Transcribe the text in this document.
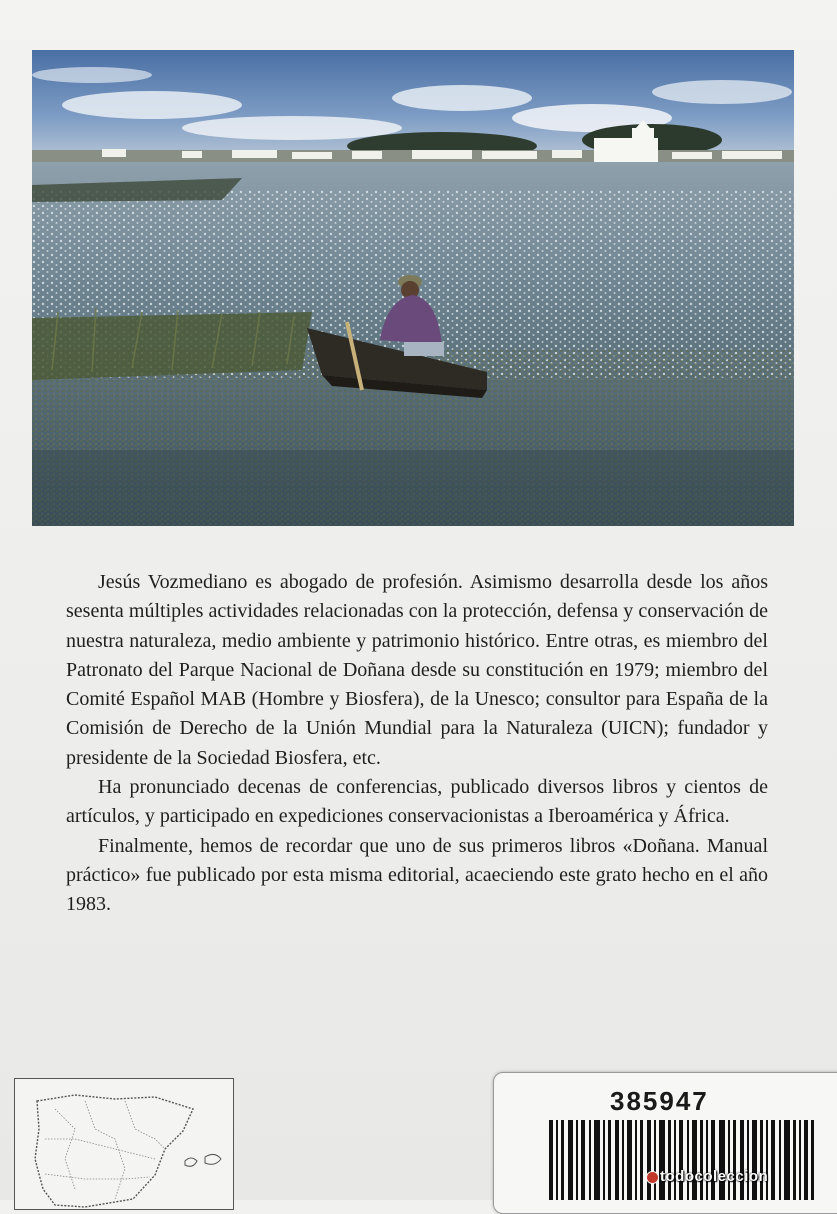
Jesús Vozmediano es abogado de profesión. Asimismo desarrolla desde los años sesenta múltiples actividades relacionadas con la protección, defensa y conservación de nuestra naturaleza, medio ambiente y patrimonio histórico. Entre otras, es miembro del Patronato del Parque Nacional de Doñana desde su constitución en 1979; miembro del Comité Español MAB (Hombre y Biosfera), de la Unesco; consultor para España de la Comisión de Derecho de la Unión Mundial para la Naturaleza (UICN); fundador y presidente de la Sociedad Biosfera, etc.

Ha pronunciado decenas de conferencias, publicado diversos libros y cientos de artículos, y participado en expediciones conservacionistas a Iberoamérica y África.

Finalmente, hemos de recordar que uno de sus primeros libros «Doñana. Manual práctico» fue publicado por esta misma editorial, acaeciendo este grato hecho en el año 1983.

385947
todocoleccion
